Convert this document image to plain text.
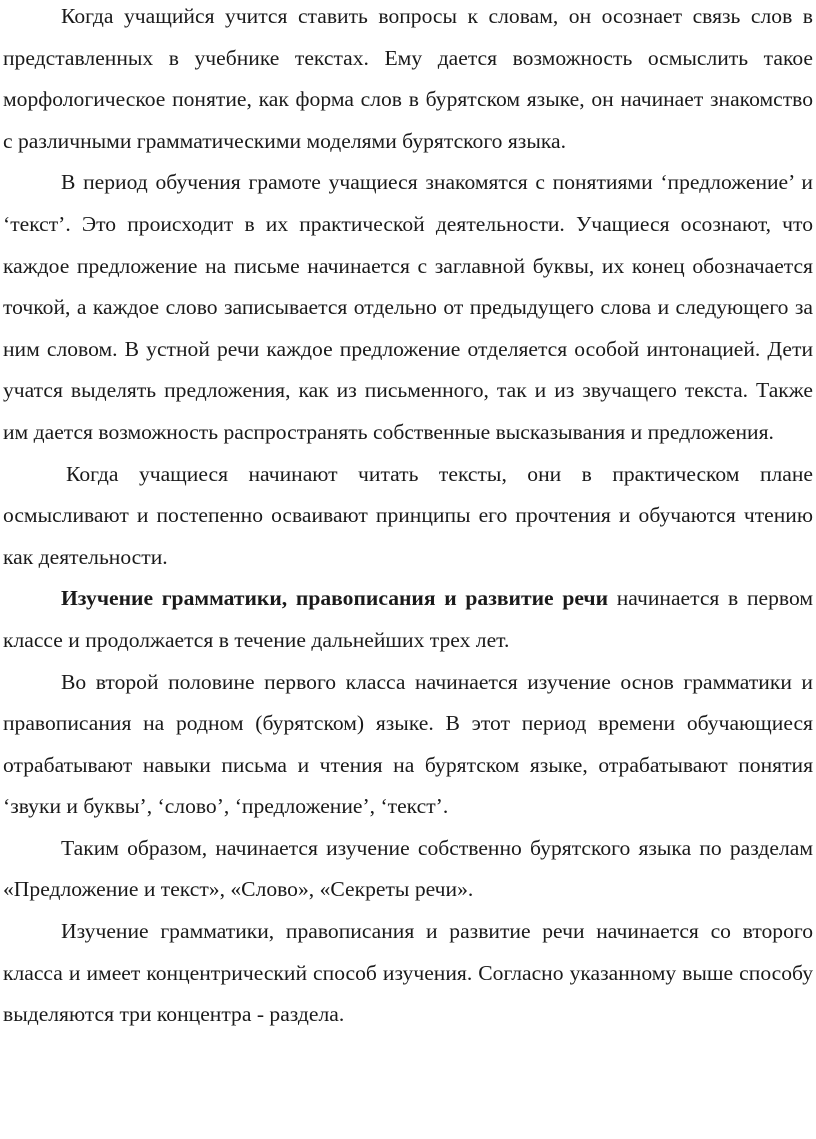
Когда учащийся учится ставить вопросы к словам, он осознает связь слов в представленных в учебнике текстах. Ему дается возможность осмыслить такое морфологическое понятие, как форма слов в бурятском языке, он начинает знакомство с различными грамматическими моделями бурятского языка.

В период обучения грамоте учащиеся знакомятся с понятиями ‘предложение’ и ‘текст’. Это происходит в их практической деятельности. Учащиеся осознают, что каждое предложение на письме начинается с заглавной буквы, их конец обозначается точкой, а каждое слово записывается отдельно от предыдущего слова и следующего за ним словом. В устной речи каждое предложение отделяется особой интонацией. Дети учатся выделять предложения, как из письменного, так и из звучащего текста. Также им дается возможность распространять собственные высказывания и предложения.

Когда учащиеся начинают читать тексты, они в практическом плане осмысливают и постепенно осваивают принципы его прочтения и обучаются чтению как деятельности.

Изучение грамматики, правописания и развитие речи начинается в первом классе и продолжается в течение дальнейших трех лет.

Во второй половине первого класса начинается изучение основ грамматики и правописания на родном (бурятском) языке. В этот период времени обучающиеся отрабатывают навыки письма и чтения на бурятском языке, отрабатывают понятия ‘звуки и буквы’, ‘слово’, ‘предложение’, ‘текст’.

Таким образом, начинается изучение собственно бурятского языка по разделам «Предложение и текст», «Слово», «Секреты речи».

Изучение грамматики, правописания и развитие речи начинается со второго класса и имеет концентрический способ изучения. Согласно указанному выше способу выделяются три концентра - раздела.
